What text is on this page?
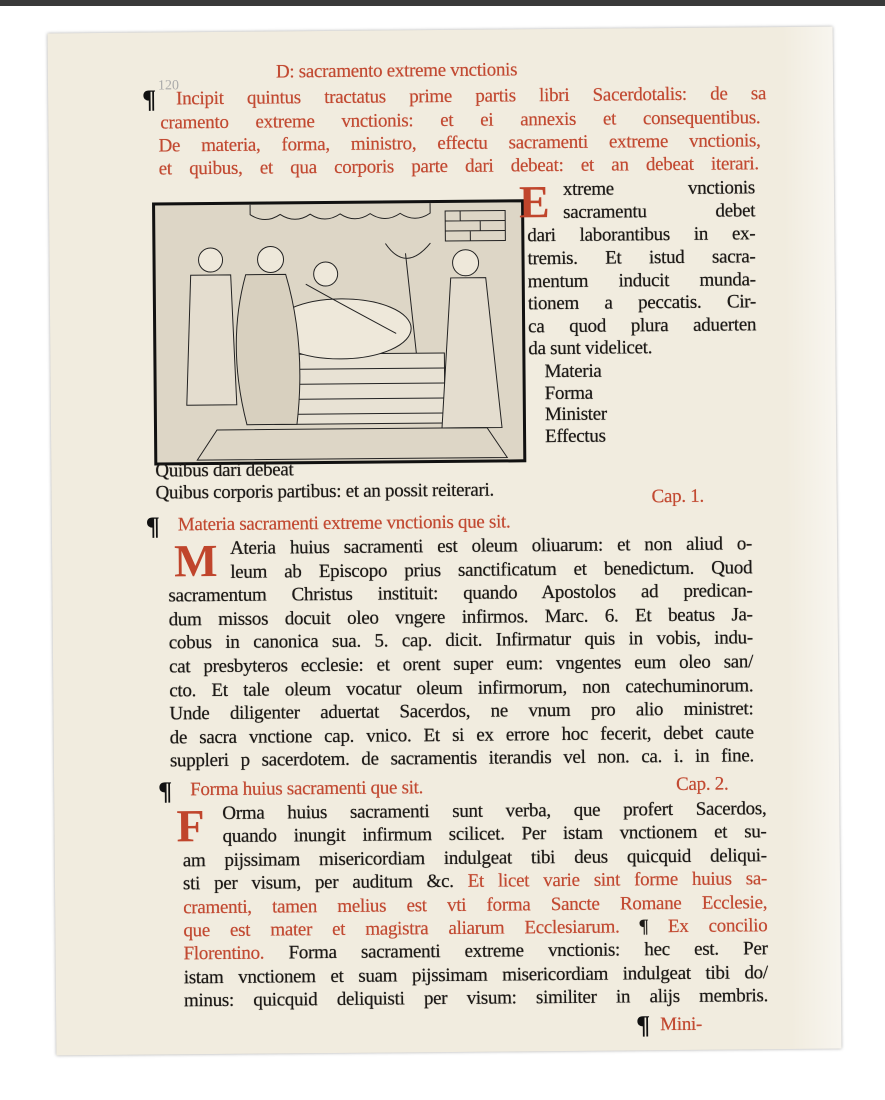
120
D: sacramento extreme vnctionis
¶ Incipit quintus tractatus prime partis libri Sacerdotalis: de sa
cramento extreme vnctionis: et ei annexis et consequentibus.
De materia, forma, ministro, effectu sacramenti extreme vnctionis,
et quibus, et qua corporis parte dari debeat: et an debeat iterari.
E xtreme vnctionis
sacramentu debet
dari laborantibus in ex-
tremis. Et istud sacra-
mentum inducit munda-
tionem a peccatis. Cir-
ca quod plura aduerten
da sunt videlicet.
Materia
Forma
Minister
Effectus
Quibus dari debeat
Quibus corporis partibus: et an possit reiterari.	Cap. 1.
¶ Materia sacramenti extreme vnctionis que sit.
M Ateria huius sacramenti est oleum oliuarum: et non aliud o-
leum ab Episcopo prius sanctificatum et benedictum. Quod
sacramentum Christus instituit: quando Apostolos ad predican-
dum missos docuit oleo vngere infirmos. Marc. 6. Et beatus Ja-
cobus in canonica sua. 5. cap. dicit. Infirmatur quis in vobis, indu-
cat presbyteros ecclesie: et orent super eum: vngentes eum oleo san/
cto. Et tale oleum vocatur oleum infirmorum, non catechuminorum.
Unde diligenter aduertat Sacerdos, ne vnum pro alio ministret:
de sacra vnctione cap. vnico. Et si ex errore hoc fecerit, debet caute
suppleri p sacerdotem. de sacramentis iterandis vel non. ca. i. in fine.
Cap. 2.
¶ Forma huius sacramenti que sit.
F Orma huius sacramenti sunt verba, que profert Sacerdos,
quando inungit infirmum scilicet. Per istam vnctionem et su-
am pijssimam misericordiam indulgeat tibi deus quicquid deliqui-
sti per visum, per auditum &c. Et licet varie sint forme huius sa-
cramenti, tamen melius est vti forma Sancte Romane Ecclesie,
que est mater et magistra aliarum Ecclesiarum. ¶ Ex concilio
Florentino. Forma sacramenti extreme vnctionis: hec est. Per
istam vnctionem et suam pijssimam misericordiam indulgeat tibi do/
minus: quicquid deliquisti per visum: similiter in alijs membris.
¶ Mini-
